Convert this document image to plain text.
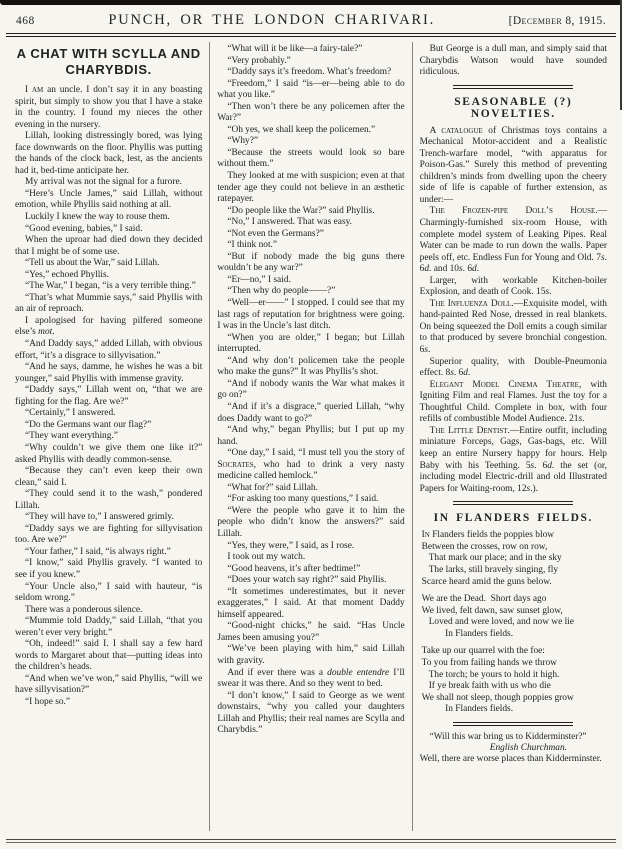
468	PUNCH, OR THE LONDON CHARIVARI.	[December 8, 1915.
A CHAT WITH SCYLLA AND CHARYBDIS.

I am an uncle. I don’t say it in any boasting spirit, but simply to show you that I have a stake in the country. I found my nieces the other evening in the nursery.

Lillah, looking distressingly bored, was lying face downwards on the floor. Phyllis was putting the hands of the clock back, lest, as the ancients had it, bed-time anticipate her.

My arrival was not the signal for a furore.

“Here’s Uncle James,” said Lillah, without emotion, while Phyllis said nothing at all.

Luckily I knew the way to rouse them.

“Good evening, babies,” I said.

When the uproar had died down they decided that I might be of some use.

“Tell us about the War,” said Lillah.

“Yes,” echoed Phyllis.

“The War,” I began, “is a very terrible thing.”

“That’s what Mummie says,” said Phyllis with an air of reproach.

I apologised for having pilfered someone else’s mot.

“And Daddy says,” added Lillah, with obvious effort, “it’s a disgrace to sillyvisation.”

“And he says, damme, he wishes he was a bit younger,” said Phyllis with immense gravity.

“Daddy says,” Lillah went on, “that we are fighting for the flag. Are we?”

“Certainly,” I answered.

“Do the Germans want our flag?”

“They want everything.”

“Why couldn’t we give them one like it?” asked Phyllis with deadly common-sense.

“Because they can’t even keep their own clean,” said I.

“They could send it to the wash,” pondered Lillah.

“They will have to,” I answered grimly.

“Daddy says we are fighting for sillyvisation too. Are we?”

“Your father,” I said, “is always right.”

“I know,” said Phyllis gravely. “I wanted to see if you knew.”

“Your Uncle also,” I said with hauteur, “is seldom wrong.”

There was a ponderous silence.

“Mummie told Daddy,” said Lillah, “that you weren’t ever very bright.”

“Oh, indeed!” said I. I shall say a few hard words to Margaret about that—putting ideas into the children’s heads.

“And when we’ve won,” said Phyllis, “will we have sillyvisation?”

“I hope so.”

“What will it be like—a fairy-tale?”

“Very probably.”

“Daddy says it’s freedom. What’s freedom?

“Freedom,” I said “is—er—being able to do what you like.”

“Then won’t there be any policemen after the War?”

“Oh yes, we shall keep the policemen.”

“Why?”

“Because the streets would look so bare without them.”

They looked at me with suspicion; even at that tender age they could not believe in an æsthetic ratepayer.

“Do people like the War?” said Phyllis.

“No,” I answered. That was easy.

“Not even the Germans?”

“I think not.”

“But if nobody made the big guns there wouldn’t be any war?”

“Er—no,” I said.

“Then why do people——?”

“Well—er——” I stopped. I could see that my last rags of reputation for brightness were going. I was in the Uncle’s last ditch.

“When you are older,” I began; but Lillah interrupted.

“And why don’t policemen take the people who make the guns?” It was Phyllis’s shot.

“And if nobody wants the War what makes it go on?”

“And if it’s a disgrace,” queried Lillah, “why does Daddy want to go?”

“And why,” began Phyllis; but I put up my hand.

“One day,” I said, “I must tell you the story of Socrates, who had to drink a very nasty medicine called hemlock.”

“What for?” said Lillah.

“For asking too many questions,” I said.

“Were the people who gave it to him the people who didn’t know the answers?” said Lillah.

“Yes, they were,” I said, as I rose.

I took out my watch.

“Good heavens, it’s after bedtime!”

“Does your watch say right?” said Phyllis.

“It sometimes underestimates, but it never exaggerates,” I said. At that moment Daddy himself appeared.

“Good-night chicks,” he said. “Has Uncle James been amusing you?”

“We’ve been playing with him,” said Lillah with gravity.

And if ever there was a double entendre I’ll swear it was there. And so they went to bed.

“I don’t know,” I said to George as we went downstairs, “why you called your daughters Lillah and Phyllis; their real names are Scylla and Charybdis.”

But George is a dull man, and simply said that Charybdis Watson would have sounded ridiculous.

SEASONABLE (?) NOVELTIES.

A catalogue of Christmas toys contains a Mechanical Motor-accident and a Realistic Trench-warfare model, “with apparatus for Poison-Gas.” Surely this method of preventing children’s minds from dwelling upon the cheery side of life is capable of further extension, as under:—

The Frozen-pipe Doll’s House.—Charmingly-furnished six-room House, with complete model system of Leaking Pipes. Real Water can be made to run down the walls. Paper peels off, etc. Endless Fun for Young and Old. 7s. 6d. and 10s. 6d.

Larger, with workable Kitchen-boiler Explosion, and death of Cook. 15s.

The Influenza Doll.—Exquisite model, with hand-painted Red Nose, dressed in real blankets. On being squeezed the Doll emits a cough similar to that produced by severe bronchial congestion. 6s.

Superior quality, with Double-Pneumonia effect. 8s. 6d.

Elegant Model Cinema Theatre, with Igniting Film and real Flames. Just the toy for a Thoughtful Child. Complete in box, with four refills of combustible Model Audience. 21s.

The Little Dentist.—Entire outfit, including miniature Forceps, Gags, Gas-bags, etc. Will keep an entire Nursery happy for hours. Help Baby with his Teething. 5s. 6d. the set (or, including model Electric-drill and old Illustrated Papers for Waiting-room, 12s.).

IN FLANDERS FIELDS.

In Flanders fields the poppies blow
Between the crosses, row on row,
That mark our place; and in the sky
The larks, still bravely singing, fly
Scarce heard amid the guns below.

We are the Dead.  Short days ago
We lived, felt dawn, saw sunset glow,
Loved and were loved, and now we lie
In Flanders fields.

Take up our quarrel with the foe:
To you from failing hands we throw
The torch; be yours to hold it high.
If ye break faith with us who die
We shall not sleep, though poppies grow
In Flanders fields.

“Will this war bring us to Kidderminster?”

English Churchman.

Well, there are worse places than Kidderminster.
